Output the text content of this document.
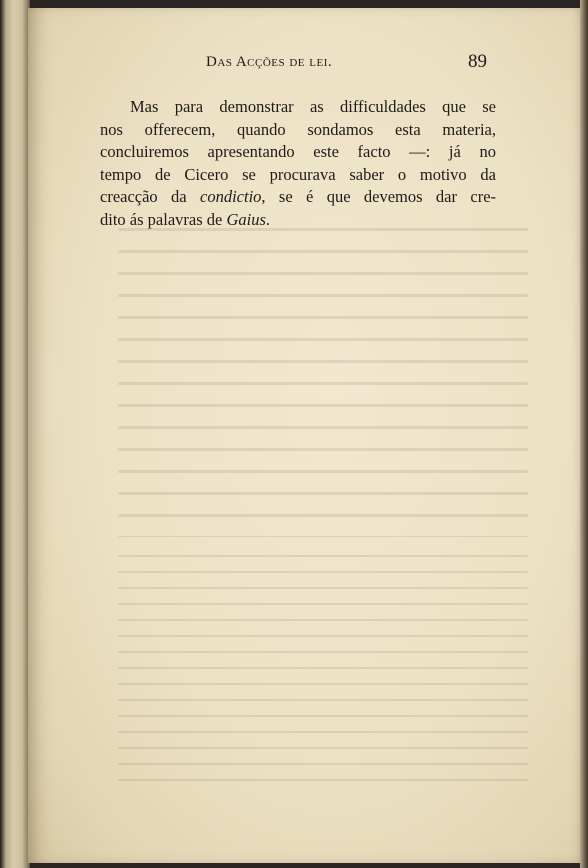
Das Acções de lei.	89
Mas para demonstrar as difficuldades que se
nos offerecem, quando sondamos esta materia,
concluiremos apresentando este facto —: já no
tempo de Cicero se procurava saber o motivo da
creacção da condictio, se é que devemos dar cre-
dito ás palavras de Gaius.
